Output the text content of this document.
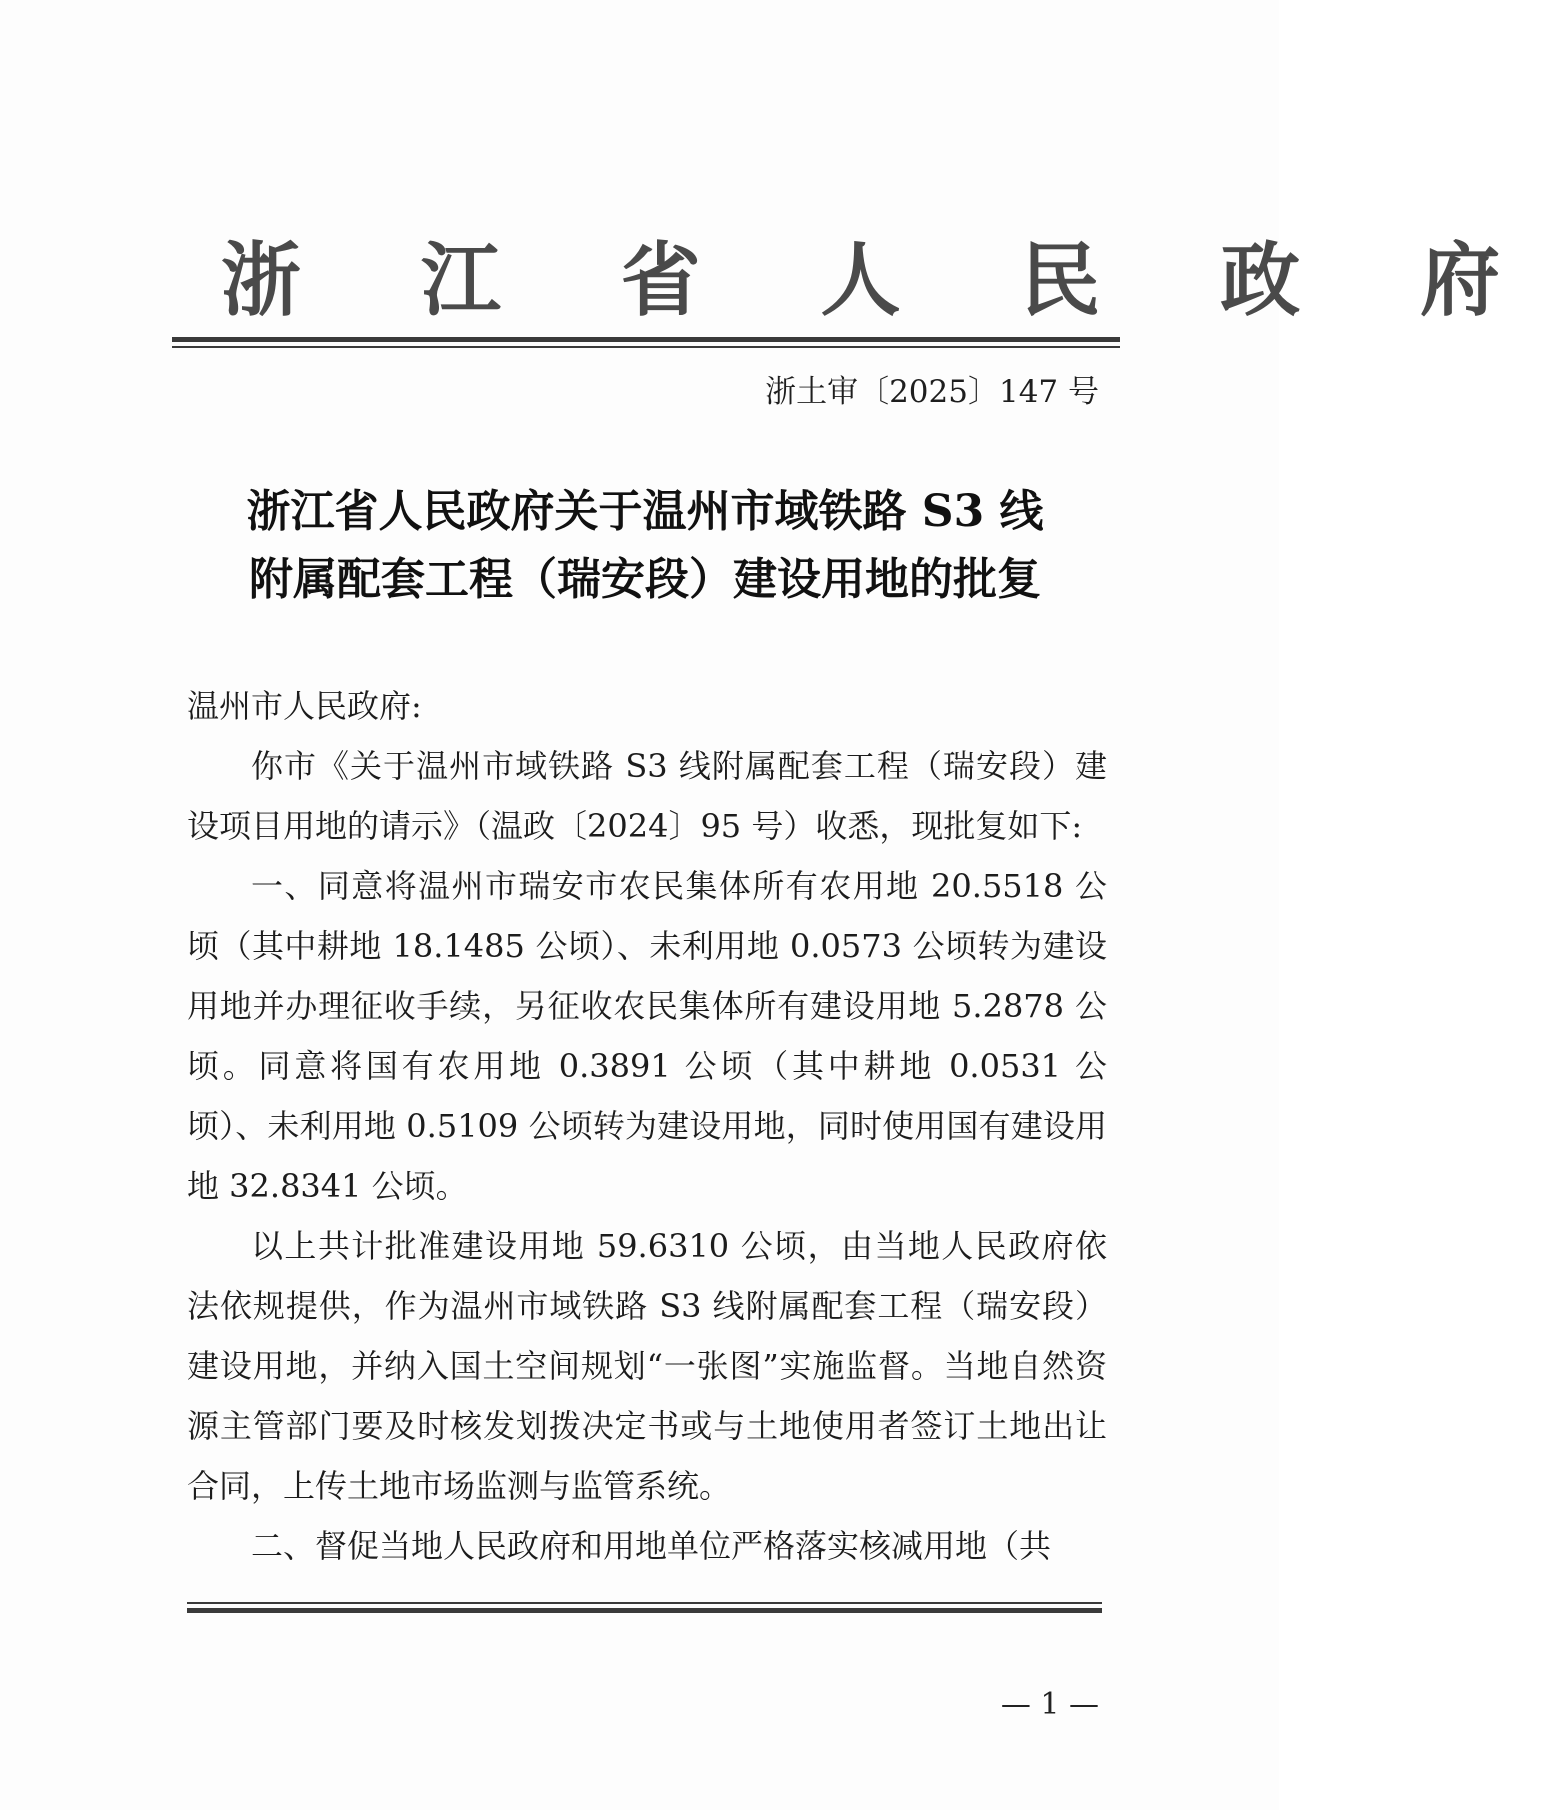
浙 江 省 人 民 政 府
浙土审〔2025〕147 号
浙江省人民政府关于温州市域铁路 S3 线
附属配套工程（瑞安段）建设用地的批复

温州市人民政府:

你市《关于温州市域铁路 S3 线附属配套工程（瑞安段）建设项目用地的请示》（温政〔2024〕95 号）收悉，现批复如下:

一、同意将温州市瑞安市农民集体所有农用地 20.5518 公顷（其中耕地 18.1485 公顷）、未利用地 0.0573 公顷转为建设用地并办理征收手续，另征收农民集体所有建设用地 5.2878 公顷。同意将国有农用地 0.3891 公顷（其中耕地 0.0531 公顷）、未利用地 0.5109 公顷转为建设用地，同时使用国有建设用地 32.8341 公顷。

以上共计批准建设用地 59.6310 公顷，由当地人民政府依法依规提供，作为温州市域铁路 S3 线附属配套工程（瑞安段）建设用地，并纳入国土空间规划“一张图”实施监督。当地自然资源主管部门要及时核发划拨决定书或与土地使用者签订土地出让合同，上传土地市场监测与监管系统。

二、督促当地人民政府和用地单位严格落实核减用地（共

— 1 —
